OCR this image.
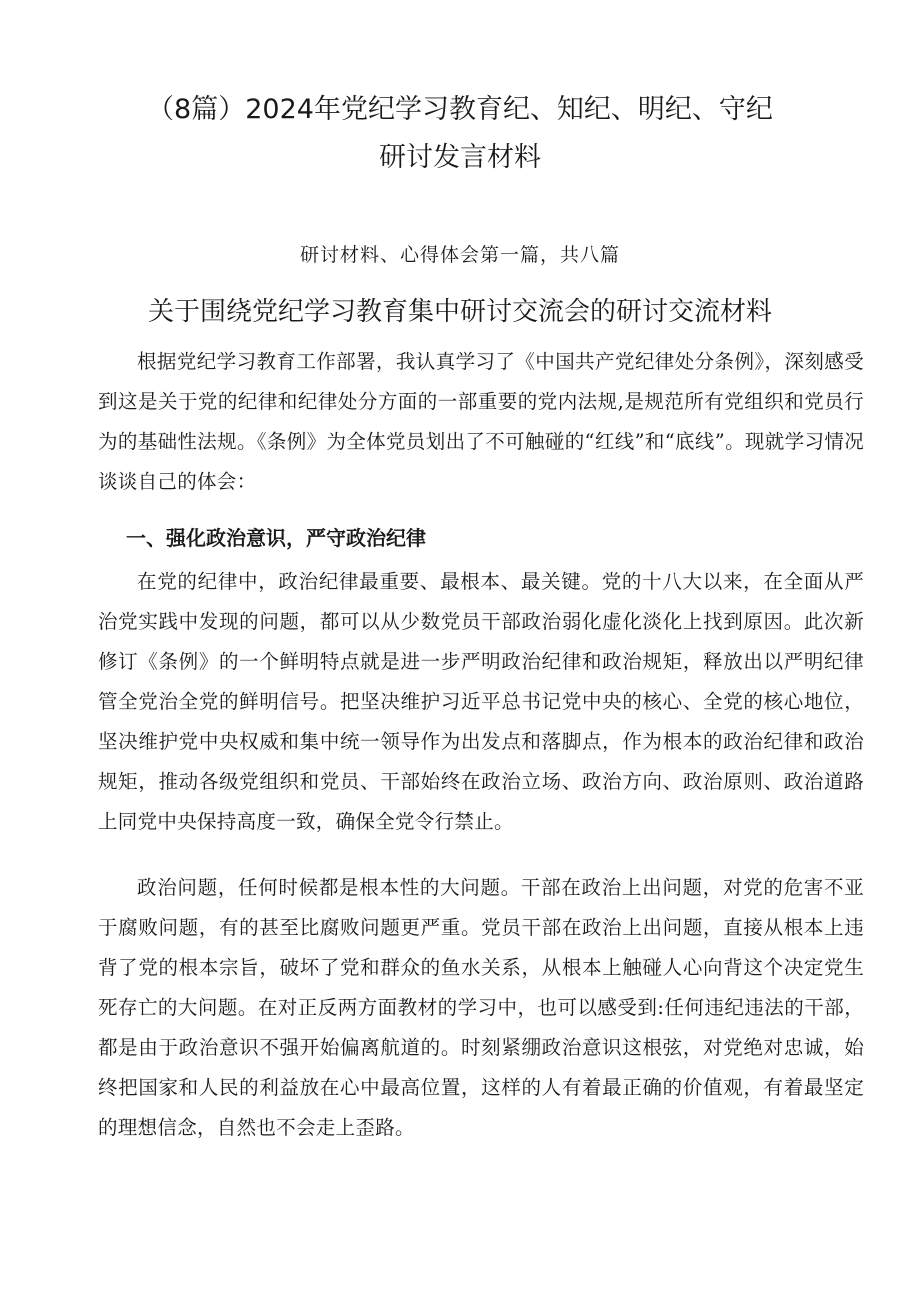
（8篇）2024年党纪学习教育纪、知纪、明纪、守纪
研讨发言材料

研讨材料、心得体会第一篇，共八篇

关于围绕党纪学习教育集中研讨交流会的研讨交流材料

根据党纪学习教育工作部署，我认真学习了《中国共产党纪律处分条例》，深刻感受到这是关于党的纪律和纪律处分方面的一部重要的党内法规,是规范所有党组织和党员行为的基础性法规。《条例》为全体党员划出了不可触碰的“红线”和“底线”。现就学习情况谈谈自己的体会：

一、强化政治意识，严守政治纪律

在党的纪律中，政治纪律最重要、最根本、最关键。党的十八大以来，在全面从严治党实践中发现的问题，都可以从少数党员干部政治弱化虚化淡化上找到原因。此次新修订《条例》的一个鲜明特点就是进一步严明政治纪律和政治规矩，释放出以严明纪律管全党治全党的鲜明信号。把坚决维护习近平总书记党中央的核心、全党的核心地位，坚决维护党中央权威和集中统一领导作为出发点和落脚点，作为根本的政治纪律和政治规矩，推动各级党组织和党员、干部始终在政治立场、政治方向、政治原则、政治道路上同党中央保持高度一致，确保全党令行禁止。

政治问题，任何时候都是根本性的大问题。干部在政治上出问题，对党的危害不亚于腐败问题，有的甚至比腐败问题更严重。党员干部在政治上出问题，直接从根本上违背了党的根本宗旨，破坏了党和群众的鱼水关系，从根本上触碰人心向背这个决定党生死存亡的大问题。在对正反两方面教材的学习中，也可以感受到:任何违纪违法的干部，都是由于政治意识不强开始偏离航道的。时刻紧绷政治意识这根弦，对党绝对忠诚，始终把国家和人民的利益放在心中最高位置，这样的人有着最正确的价值观，有着最坚定的理想信念，自然也不会走上歪路。
